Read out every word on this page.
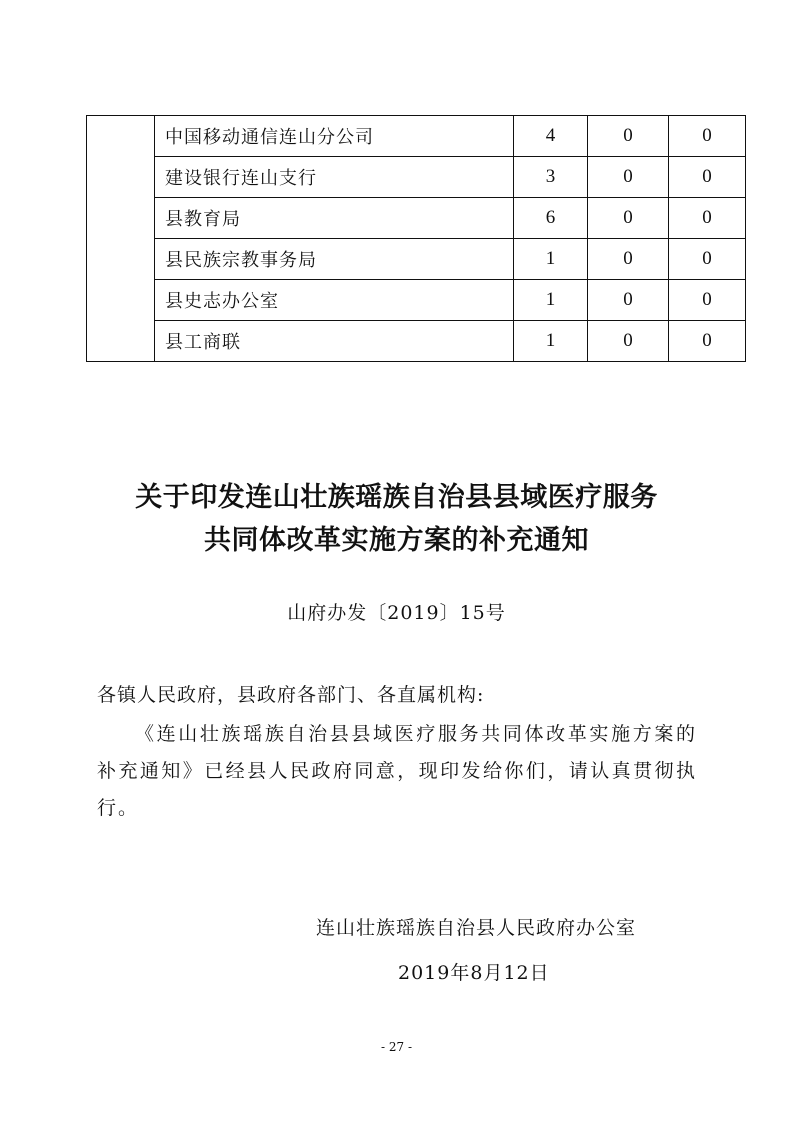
	中国移动通信连山分公司	4	0	0
	建设银行连山支行	3	0	0
	县教育局	6	0	0
	县民族宗教事务局	1	0	0
	县史志办公室	1	0	0
	县工商联	1	0	0
关于印发连山壮族瑶族自治县县域医疗服务
共同体改革实施方案的补充通知
山府办发〔2019〕15号
各镇人民政府，县政府各部门、各直属机构:
《连山壮族瑶族自治县县域医疗服务共同体改革实施方案的补充通知》已经县人民政府同意，现印发给你们，请认真贯彻执行。
连山壮族瑶族自治县人民政府办公室
2019年8月12日
- 27 -
